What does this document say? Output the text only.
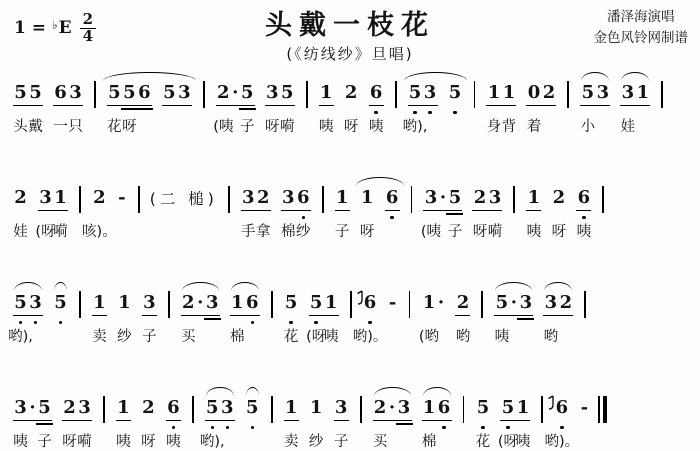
1 = ♭ E $\frac{2}{4}$	头戴一枝花
(《纺线纱》旦唱)
潘泽海演唱
金色风铃网制谱
5
头
5
戴
6
一
3
只
5
花
5
呀
6 5 3 2
(咦
· 5
子
3
呀
5
嗬
1
咦
2
呀
6
咦
5
哟),
3 5 1
身
1
背
0
着
2 5
小
3 3
娃
1
2
娃
3
(呀
1
嗬
2
咳)。
-	(二 槌) 3
手
2
拿
3
棉
6
纱
1
子
1
呀
6 3
(咦
· 5
子
2
呀
3
嗬
1
咦
2
呀
6
咦
5
哟),
3 5 1
卖
1
纱
3
子
2
买
· 3 1
棉
6 5
花
5
(呀
1
咦
6
哟)。
-	1
(哟
· 2
哟
5
咦
· 3 3
哟
2
3
咦
· 5
子
2
呀
3
嗬
1
咦
2
呀
6
咦
5
哟),
3 5 1
卖
1
纱
3
子
2
买
· 3 1
棉
6 5
花
5
(呀
1
咦
6
哟)。
-
